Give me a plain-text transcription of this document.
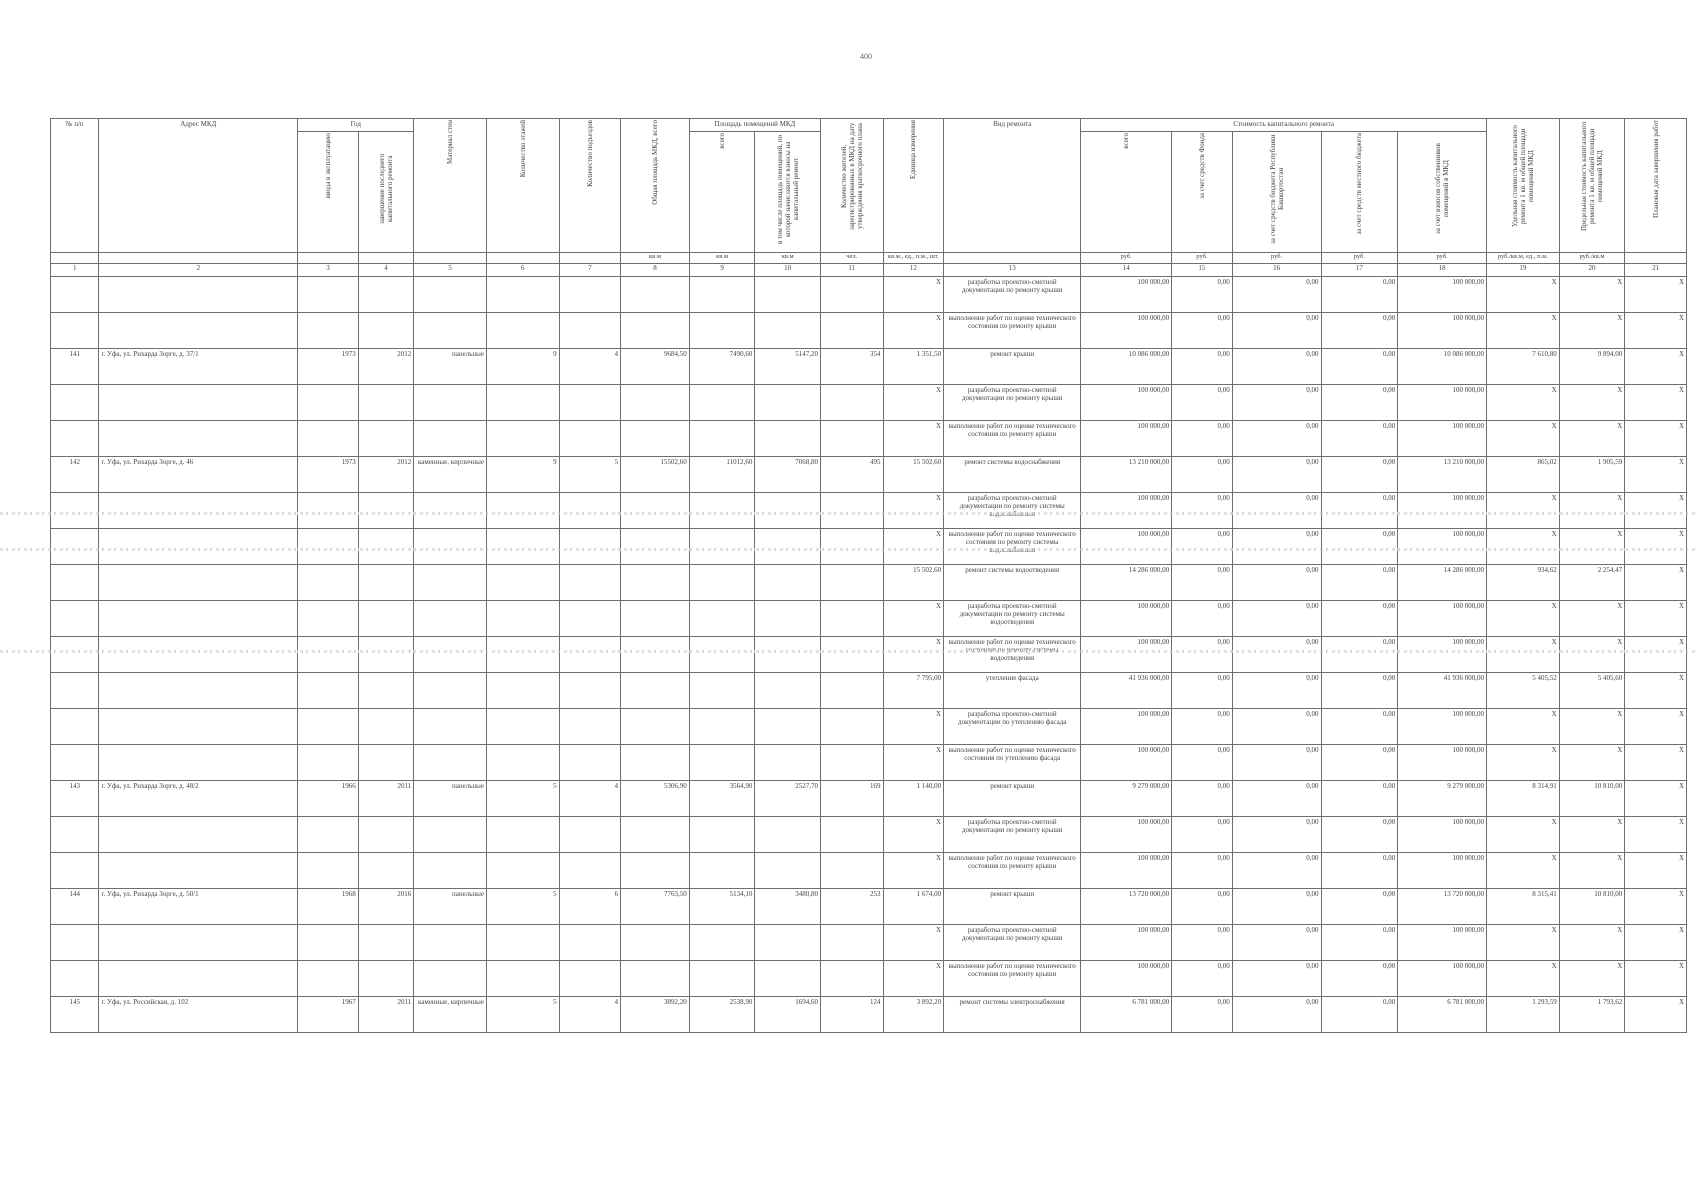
400
№ п/п	Адрес МКД	Год		Материал стен	Количество этажей	Количество подъездов	Общая площадь МКД, всего	Площадь помещений МКД		Количество жителей, зарегистрированных в МКД на дату утверждения краткосрочного плана	Единица измерения	Вид ремонта	Стоимость капитального ремонта					Удельная стоимость капитального ремонта 1 кв. м общей площади помещений МКД	Предельная стоимость капитального ремонта 1 кв. м общей площади помещений МКД	Плановая дата завершения работ
		ввода в эксплуатацию	завершение последнего капитального ремонта					всего	в том числе площадь помещений, по которой начисляются взносы на капитальный ремонт				всего	за счет средств Фонда	за счет средств бюджета Республики Башкортостан	за счет средств местного бюджета	за счет взносов собственников помещений в МКД			
							кв.м	кв.м	кв.м	чел.	кв.м., ед., п.м., шт.		руб.	руб.	руб.	руб.	руб.	руб./кв.м, ед., п.м.	руб./кв.м	
1	2	3	4	5	6	7	8	9	10	11	12	13	14	15	16	17	18	19	20	21
											X	разработка проектно-сметной документации по ремонту крыши	100 000,00	0,00	0,00	0,00	100 000,00	X	X	X
											X	выполнение работ по оценке технического состояния по ремонту крыши	100 000,00	0,00	0,00	0,00	100 000,00	X	X	X
141	г. Уфа, ул. Рихарда Зорге, д. 37/1	1973	2012	панельные	9	4	9684,50	7490,60	5147,20	354	1 351,50	ремонт крыши	10 086 000,00	0,00	0,00	0,00	10 086 000,00	7 610,80	9 894,00	X
											X	разработка проектно-сметной документации по ремонту крыши	100 000,00	0,00	0,00	0,00	100 000,00	X	X	X
											X	выполнение работ по оценке технического состояния по ремонту крыши	100 000,00	0,00	0,00	0,00	100 000,00	X	X	X
142	г. Уфа, ул. Рихарда Зорге, д. 46	1973	2012	каменные, кирпичные	9	5	15502,60	11012,60	7068,80	495	15 502,60	ремонт системы водоснабжения	13 210 000,00	0,00	0,00	0,00	13 210 000,00	865,02	1 905,59	X
											X	разработка проектно-сметной документации по ремонту системы	100 000,00	0,00	0,00	0,00	100 000,00	X	X	X
											X	выполнение работ по оценке технического состояния по ремонту системы	100 000,00	0,00	0,00	0,00	100 000,00	X	X	X
											15 502,60	ремонт системы водоотведения	14 286 000,00	0,00	0,00	0,00	14 286 000,00	934,62	2 254,47	X
											X	разработка проектно-сметной документации по ремонту системы водоотведения	100 000,00	0,00	0,00	0,00	100 000,00	X	X	X
											X	выполнение работ по оценке технического водоотведения	100 000,00	0,00	0,00	0,00	100 000,00	X	X	X
											7 795,00	утепление фасада	41 936 000,00	0,00	0,00	0,00	41 936 000,00	5 405,52	5 405,60	X
											X	разработка проектно-сметной документации по утеплению фасада	100 000,00	0,00	0,00	0,00	100 000,00	X	X	X
											X	выполнение работ по оценке технического состояния по утеплению фасада	100 000,00	0,00	0,00	0,00	100 000,00	X	X	X
143	г. Уфа, ул. Рихарда Зорге, д. 48/2	1966	2011	панельные	5	4	5306,90	3564,90	2527,70	169	1 140,00	ремонт крыши	9 279 000,00	0,00	0,00	0,00	9 279 000,00	8 314,91	10 810,00	X
											X	разработка проектно-сметной документации по ремонту крыши	100 000,00	0,00	0,00	0,00	100 000,00	X	X	X
											X	выполнение работ по оценке технического состояния по ремонту крыши	100 000,00	0,00	0,00	0,00	100 000,00	X	X	X
144	г. Уфа, ул. Рихарда Зорге, д. 50/1	1968	2016	панельные	5	6	7763,50	5134,10	3480,80	253	1 674,00	ремонт крыши	13 720 000,00	0,00	0,00	0,00	13 720 000,00	8 315,41	10 810,00	X
											X	разработка проектно-сметной документации по ремонту крыши	100 000,00	0,00	0,00	0,00	100 000,00	X	X	X
											X	выполнение работ по оценке технического состояния по ремонту крыши	100 000,00	0,00	0,00	0,00	100 000,00	X	X	X
145	г. Уфа, ул. Российская, д. 102	1967	2011	каменные, кирпичные	5	4	3892,20	2538,90	1694,60	124	3 892,20	ремонт системы электроснабжения	6 781 000,00	0,00	0,00	0,00	6 781 000,00	1 293,59	1 793,62	X
